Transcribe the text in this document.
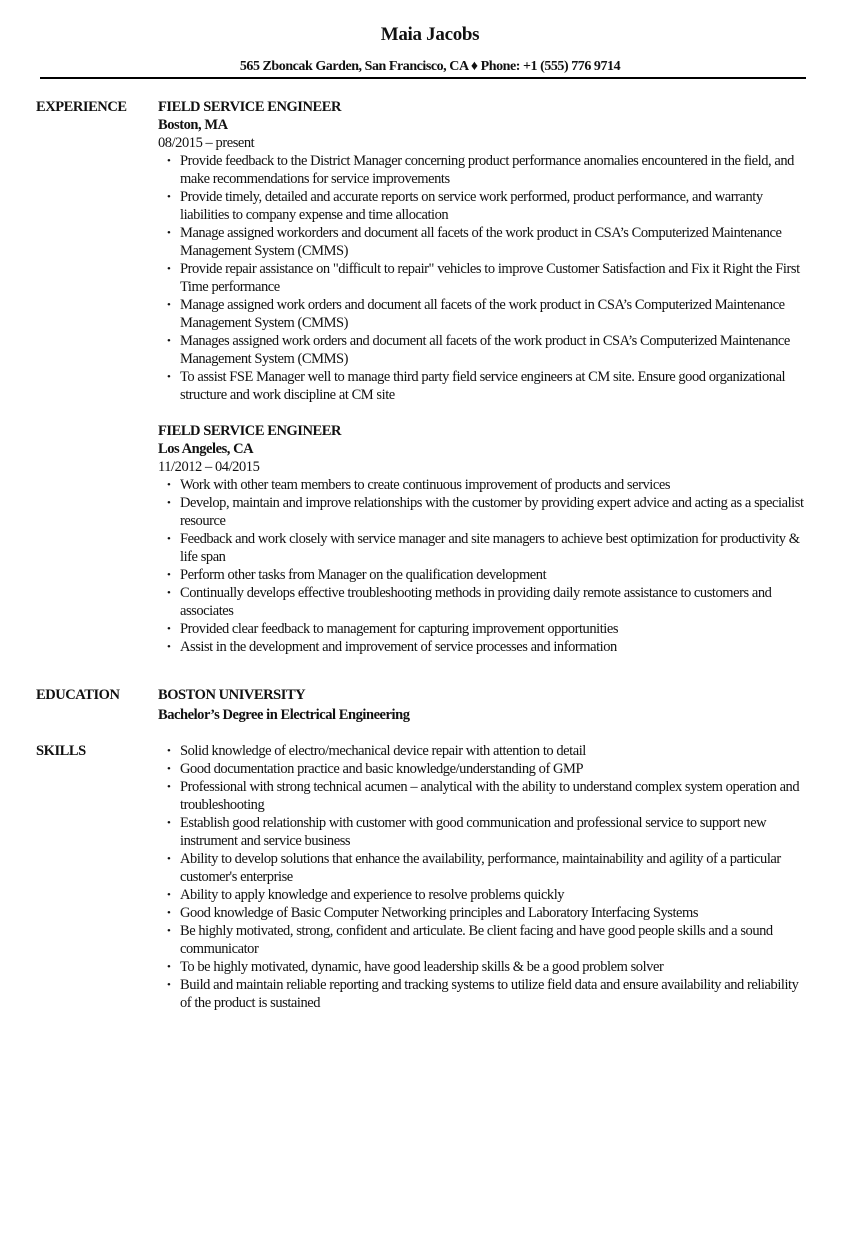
Maia Jacobs
565 Zboncak Garden, San Francisco, CA ♦ Phone: +1 (555) 776 9714
EXPERIENCE FIELD SERVICE ENGINEER
Boston, MA
08/2015 – present
• Provide feedback to the District Manager concerning product performance anomalies encountered in the field, and make recommendations for service improvements
• Provide timely, detailed and accurate reports on service work performed, product performance, and warranty liabilities to company expense and time allocation
• Manage assigned workorders and document all facets of the work product in CSA’s Computerized Maintenance Management System (CMMS)
• Provide repair assistance on "difficult to repair" vehicles to improve Customer Satisfaction and Fix it Right the First Time performance
• Manage assigned work orders and document all facets of the work product in CSA’s Computerized Maintenance Management System (CMMS)
• Manages assigned work orders and document all facets of the work product in CSA’s Computerized Maintenance Management System (CMMS)
• To assist FSE Manager well to manage third party field service engineers at CM site. Ensure good organizational structure and work discipline at CM site
FIELD SERVICE ENGINEER
Los Angeles, CA
11/2012 – 04/2015
• Work with other team members to create continuous improvement of products and services
• Develop, maintain and improve relationships with the customer by providing expert advice and acting as a specialist resource
• Feedback and work closely with service manager and site managers to achieve best optimization for productivity & life span
• Perform other tasks from Manager on the qualification development
• Continually develops effective troubleshooting methods in providing daily remote assistance to customers and associates
• Provided clear feedback to management for capturing improvement opportunities
• Assist in the development and improvement of service processes and information
EDUCATION	BOSTON UNIVERSITY
Bachelor’s Degree in Electrical Engineering
SKILLS	• Solid knowledge of electro/mechanical device repair with attention to detail
• Good documentation practice and basic knowledge/understanding of GMP
• Professional with strong technical acumen – analytical with the ability to understand complex system operation and troubleshooting
• Establish good relationship with customer with good communication and professional service to support new instrument and service business
• Ability to develop solutions that enhance the availability, performance, maintainability and agility of a particular customer's enterprise
• Ability to apply knowledge and experience to resolve problems quickly
• Good knowledge of Basic Computer Networking principles and Laboratory Interfacing Systems
• Be highly motivated, strong, confident and articulate. Be client facing and have good people skills and a sound communicator
• To be highly motivated, dynamic, have good leadership skills & be a good problem solver
• Build and maintain reliable reporting and tracking systems to utilize field data and ensure availability and reliability of the product is sustained
